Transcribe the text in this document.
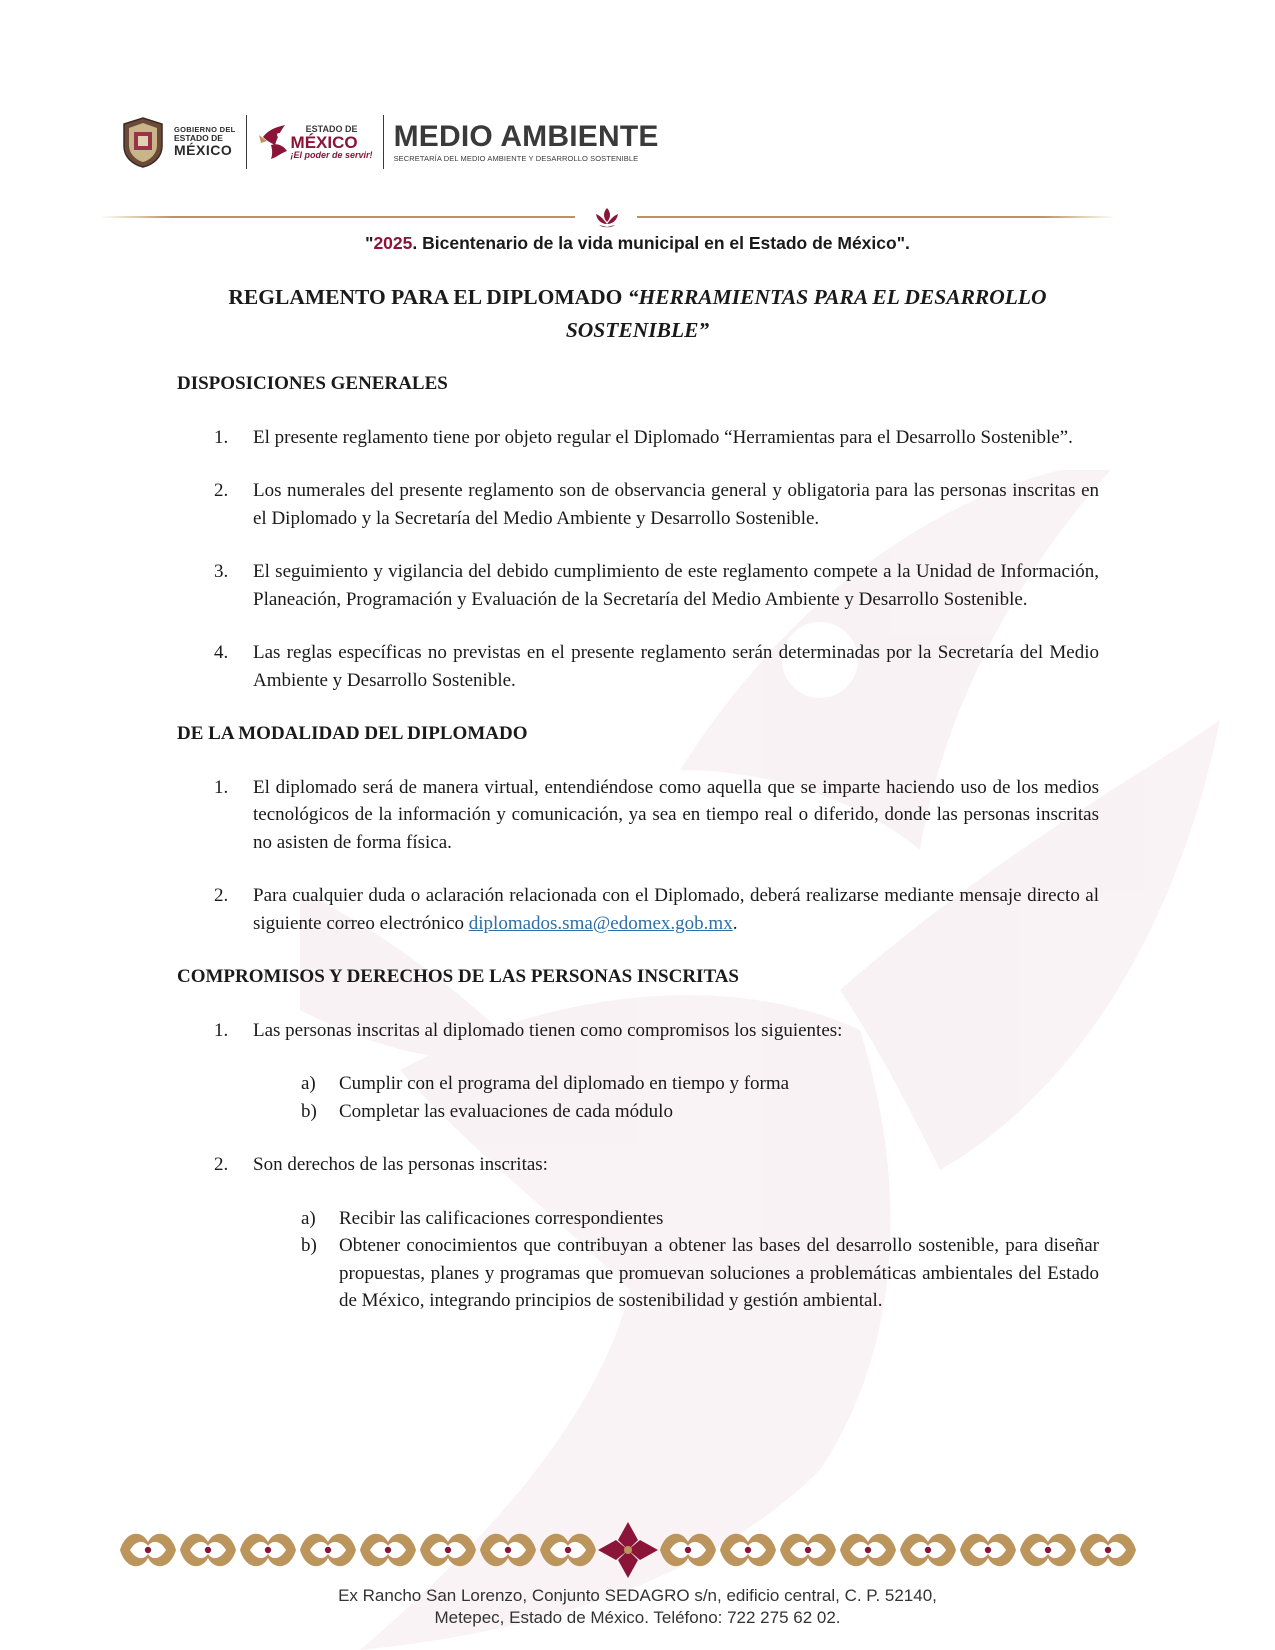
GOBIERNO DEL
ESTADO DE
MÉXICO
ESTADO DE
MÉXICO
¡El poder de servir!
MEDIO AMBIENTE
SECRETARÍA DEL MEDIO AMBIENTE Y DESARROLLO SOSTENIBLE
"2025. Bicentenario de la vida municipal en el Estado de México".
REGLAMENTO PARA EL DIPLOMADO “HERRAMIENTAS PARA EL DESARROLLO SOSTENIBLE”

DISPOSICIONES GENERALES

1. El presente reglamento tiene por objeto regular el Diplomado “Herramientas para el Desarrollo Sostenible”.
2. Los numerales del presente reglamento son de observancia general y obligatoria para las personas inscritas en el Diplomado y la Secretaría del Medio Ambiente y Desarrollo Sostenible.
3. El seguimiento y vigilancia del debido cumplimiento de este reglamento compete a la Unidad de Información, Planeación, Programación y Evaluación de la Secretaría del Medio Ambiente y Desarrollo Sostenible.
4. Las reglas específicas no previstas en el presente reglamento serán determinadas por la Secretaría del Medio Ambiente y Desarrollo Sostenible.

DE LA MODALIDAD DEL DIPLOMADO

1. El diplomado será de manera virtual, entendiéndose como aquella que se imparte haciendo uso de los medios tecnológicos de la información y comunicación, ya sea en tiempo real o diferido, donde las personas inscritas no asisten de forma física.
2. Para cualquier duda o aclaración relacionada con el Diplomado, deberá realizarse mediante mensaje directo al siguiente correo electrónico diplomados.sma@edomex.gob.mx.

COMPROMISOS Y DERECHOS DE LAS PERSONAS INSCRITAS

1. Las personas inscritas al diplomado tienen como compromisos los siguientes:
a) Cumplir con el programa del diplomado en tiempo y forma
b) Completar las evaluaciones de cada módulo
2. Son derechos de las personas inscritas:
a) Recibir las calificaciones correspondientes
b) Obtener conocimientos que contribuyan a obtener las bases del desarrollo sostenible, para diseñar propuestas, planes y programas que promuevan soluciones a problemáticas ambientales del Estado de México, integrando principios de sostenibilidad y gestión ambiental.
Ex Rancho San Lorenzo, Conjunto SEDAGRO s/n, edificio central, C. P. 52140,
Metepec, Estado de México. Teléfono: 722 275 62 02.
